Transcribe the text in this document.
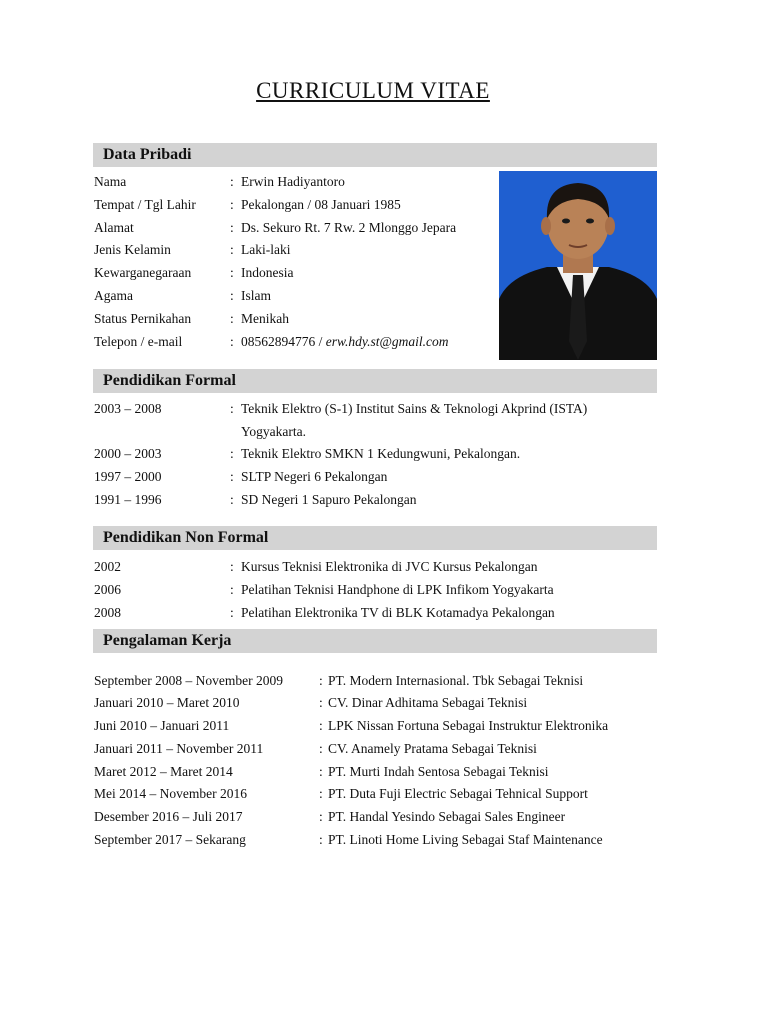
CURRICULUM VITAE
Data Pribadi
Nama	: Erwin Hadiyantoro
Tempat / Tgl Lahir	: Pekalongan / 08 Januari 1985
Alamat	: Ds. Sekuro Rt. 7 Rw. 2 Mlonggo Jepara
Jenis Kelamin	: Laki-laki
Kewarganegaraan	: Indonesia
Agama	: Islam
Status Pernikahan	: Menikah
Telepon / e-mail	: 08562894776 / erw.hdy.st@gmail.com
Pendidikan Formal
2003 – 2008	: Teknik Elektro (S-1) Institut Sains & Teknologi Akprind (ISTA)
Yogyakarta.
2000 – 2003	: Teknik Elektro SMKN 1 Kedungwuni, Pekalongan.
1997 – 2000	: SLTP Negeri 6 Pekalongan
1991 – 1996	: SD Negeri 1 Sapuro Pekalongan
Pendidikan Non Formal
2002	: Kursus Teknisi Elektronika di JVC Kursus Pekalongan
2006	: Pelatihan Teknisi Handphone di LPK Infikom Yogyakarta
2008	: Pelatihan Elektronika TV di BLK Kotamadya Pekalongan
Pengalaman Kerja
September 2008 – November 2009	: PT. Modern Internasional. Tbk Sebagai Teknisi
Januari 2010 – Maret 2010	: CV. Dinar Adhitama Sebagai Teknisi
Juni 2010 – Januari 2011	: LPK Nissan Fortuna Sebagai Instruktur Elektronika
Januari 2011 – November 2011	: CV. Anamely Pratama Sebagai Teknisi
Maret 2012 – Maret 2014	: PT. Murti Indah Sentosa Sebagai Teknisi
Mei 2014 – November 2016	: PT. Duta Fuji Electric Sebagai Tehnical Support
Desember 2016 – Juli 2017	: PT. Handal Yesindo Sebagai Sales Engineer
September 2017 – Sekarang	: PT. Linoti Home Living Sebagai Staf Maintenance
